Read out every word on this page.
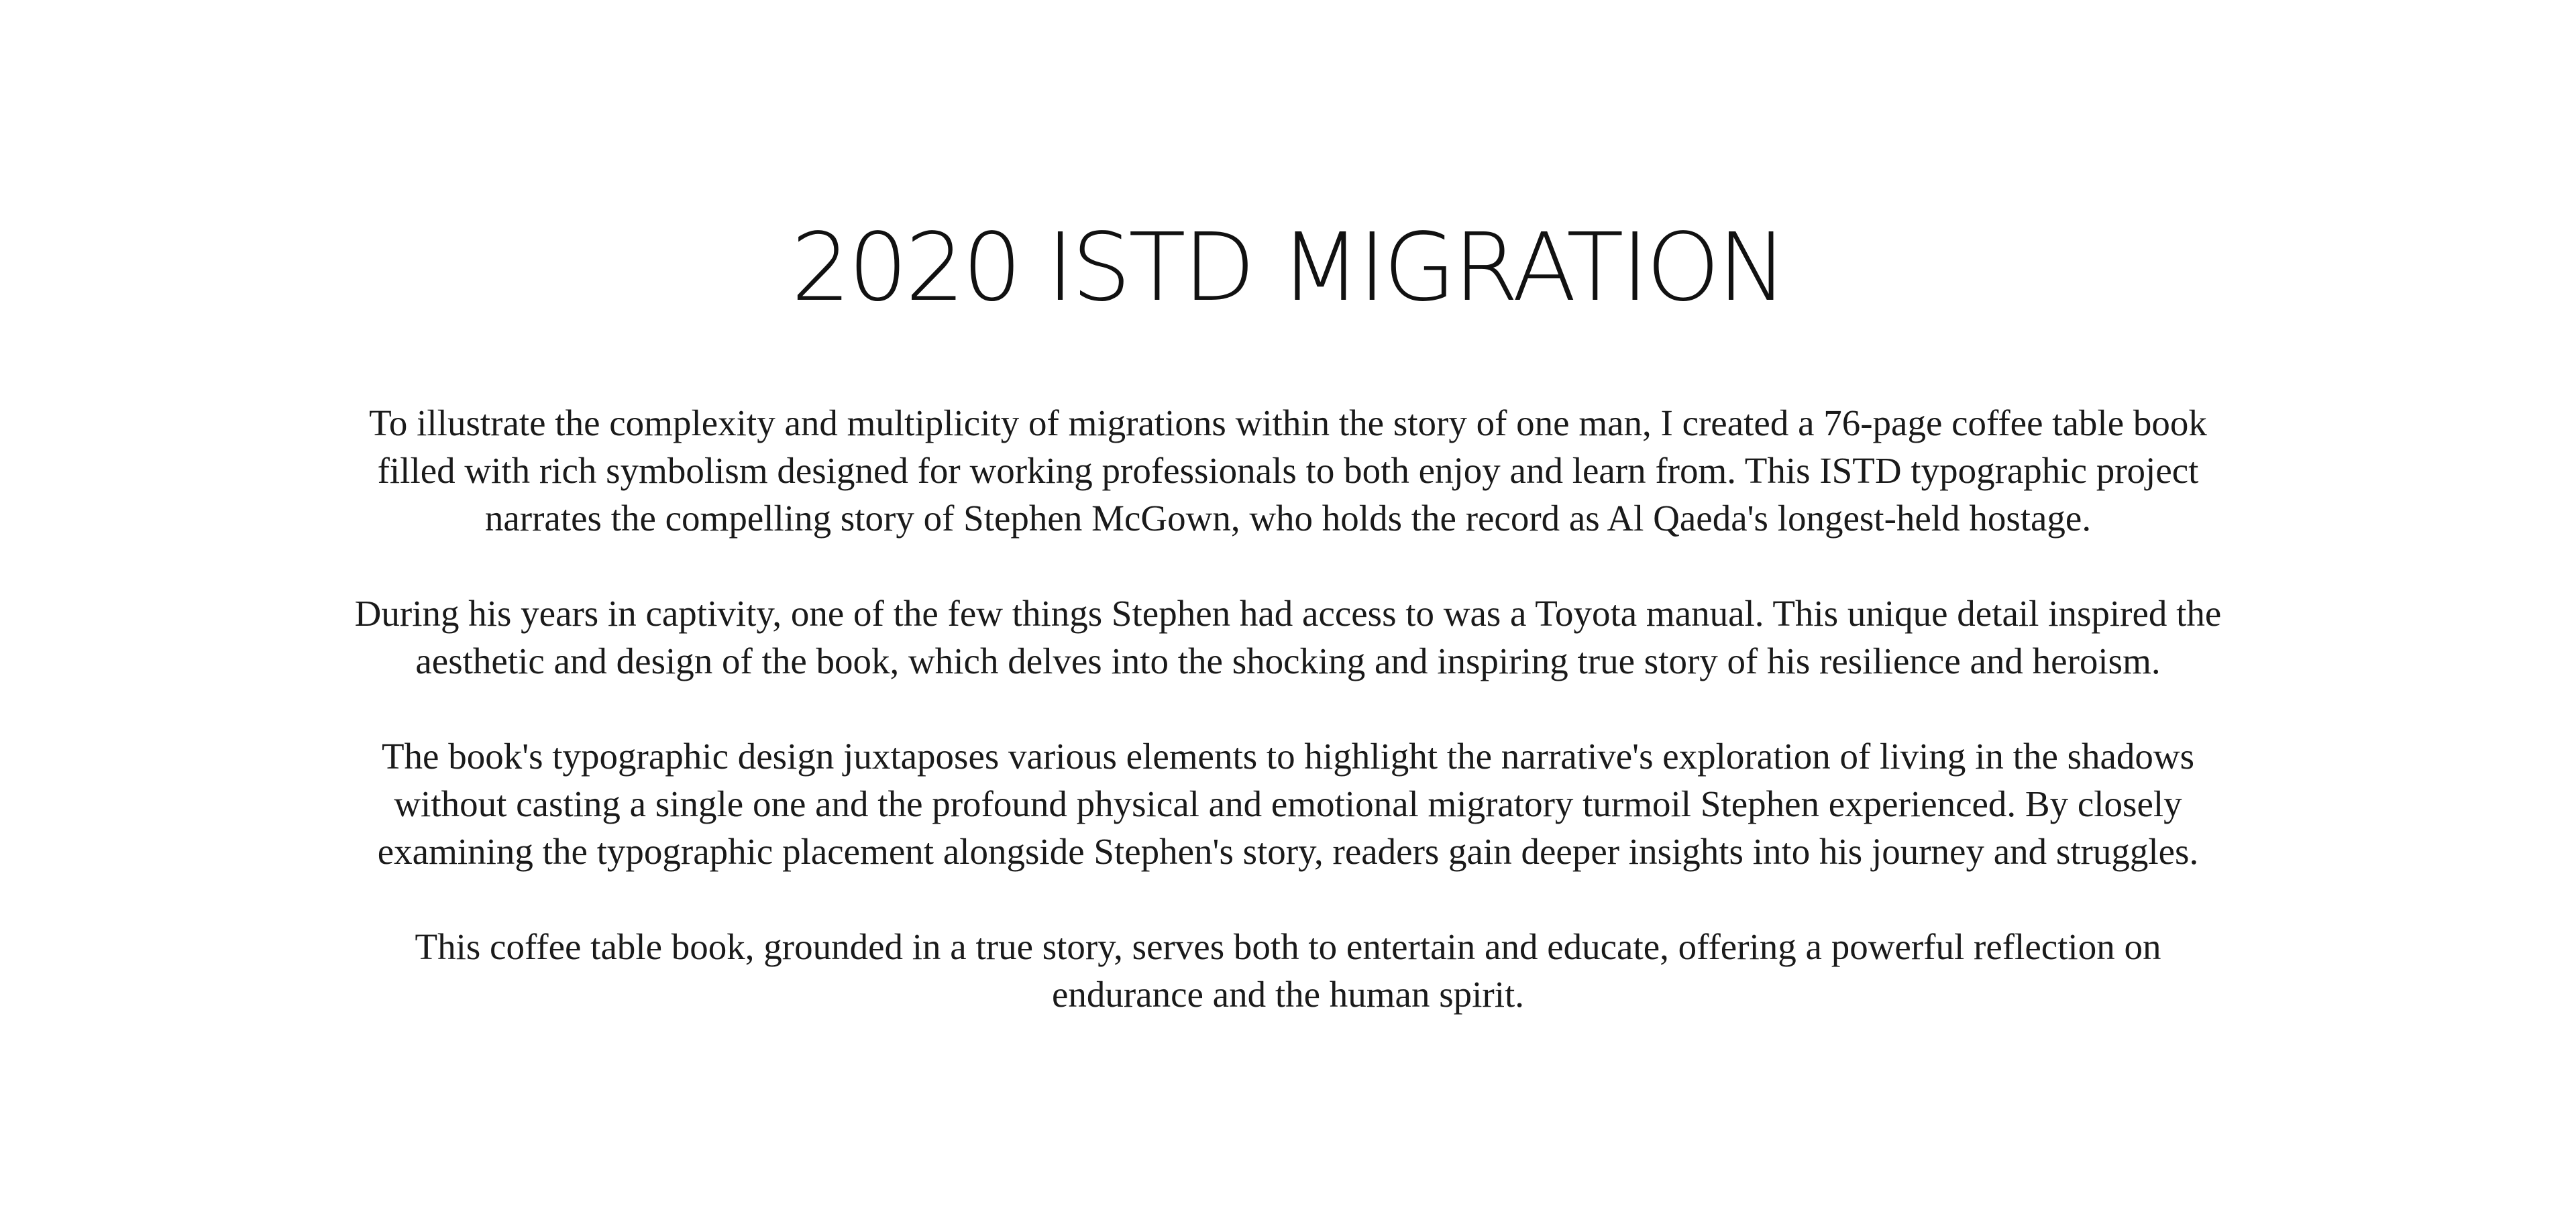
2020 ISTD MIGRATION

To illustrate the complexity and multiplicity of migrations within the story of one man, I created a 76-page coffee table book filled with rich symbolism designed for working professionals to both enjoy and learn from. This ISTD typographic project narrates the compelling story of Stephen McGown, who holds the record as Al Qaeda's longest-held hostage.

During his years in captivity, one of the few things Stephen had access to was a Toyota manual. This unique detail inspired the aesthetic and design of the book, which delves into the shocking and inspiring true story of his resilience and heroism.

The book's typographic design juxtaposes various elements to highlight the narrative's exploration of living in the shadows without casting a single one and the profound physical and emotional migratory turmoil Stephen experienced. By closely examining the typographic placement alongside Stephen's story, readers gain deeper insights into his journey and struggles.

This coffee table book, grounded in a true story, serves both to entertain and educate, offering a powerful reflection on endurance and the human spirit.
